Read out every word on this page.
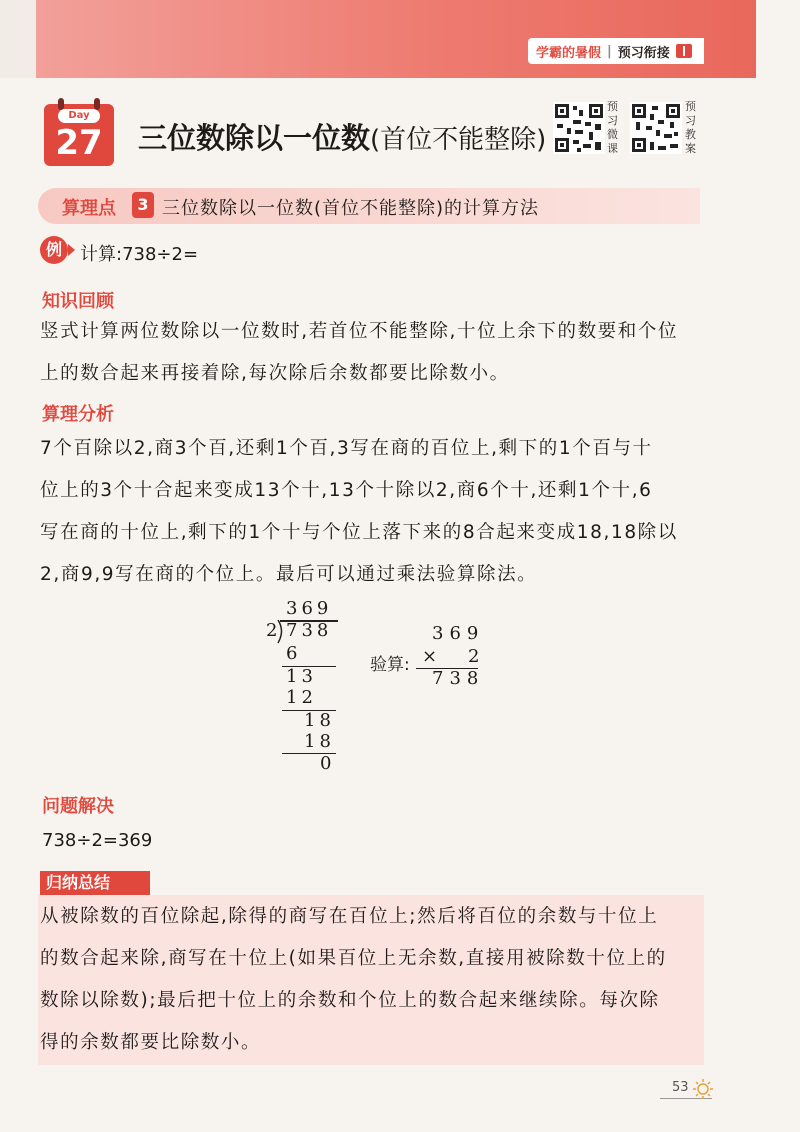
学霸的暑假 | 预习衔接
Day
27	三位数除以一位数(首位不能整除)
预习微课
预习教案
算理点	3 三位数除以一位数(首位不能整除)的计算方法
例	计算:738÷2=
知识回顾
竖式计算两位数除以一位数时,若首位不能整除,十位上余下的数要和个位
上的数合起来再接着除,每次除后余数都要比除数小。
算理分析
7个百除以2,商3个百,还剩1个百,3写在商的百位上,剩下的1个百与十
位上的3个十合起来变成13个十,13个十除以2,商6个十,还剩1个十,6
写在商的十位上,剩下的1个十与个位上落下来的8合起来变成18,18除以
2,商9,9写在商的个位上。最后可以通过乘法验算除法。
369
2 738
6
13
12
18
18
0
369
验算: × 2
738
问题解决
738÷2=369
归纳总结
从被除数的百位除起,除得的商写在百位上;然后将百位的余数与十位上
的数合起来除,商写在十位上(如果百位上无余数,直接用被除数十位上的
数除以除数);最后把十位上的余数和个位上的数合起来继续除。每次除
得的余数都要比除数小。
53
